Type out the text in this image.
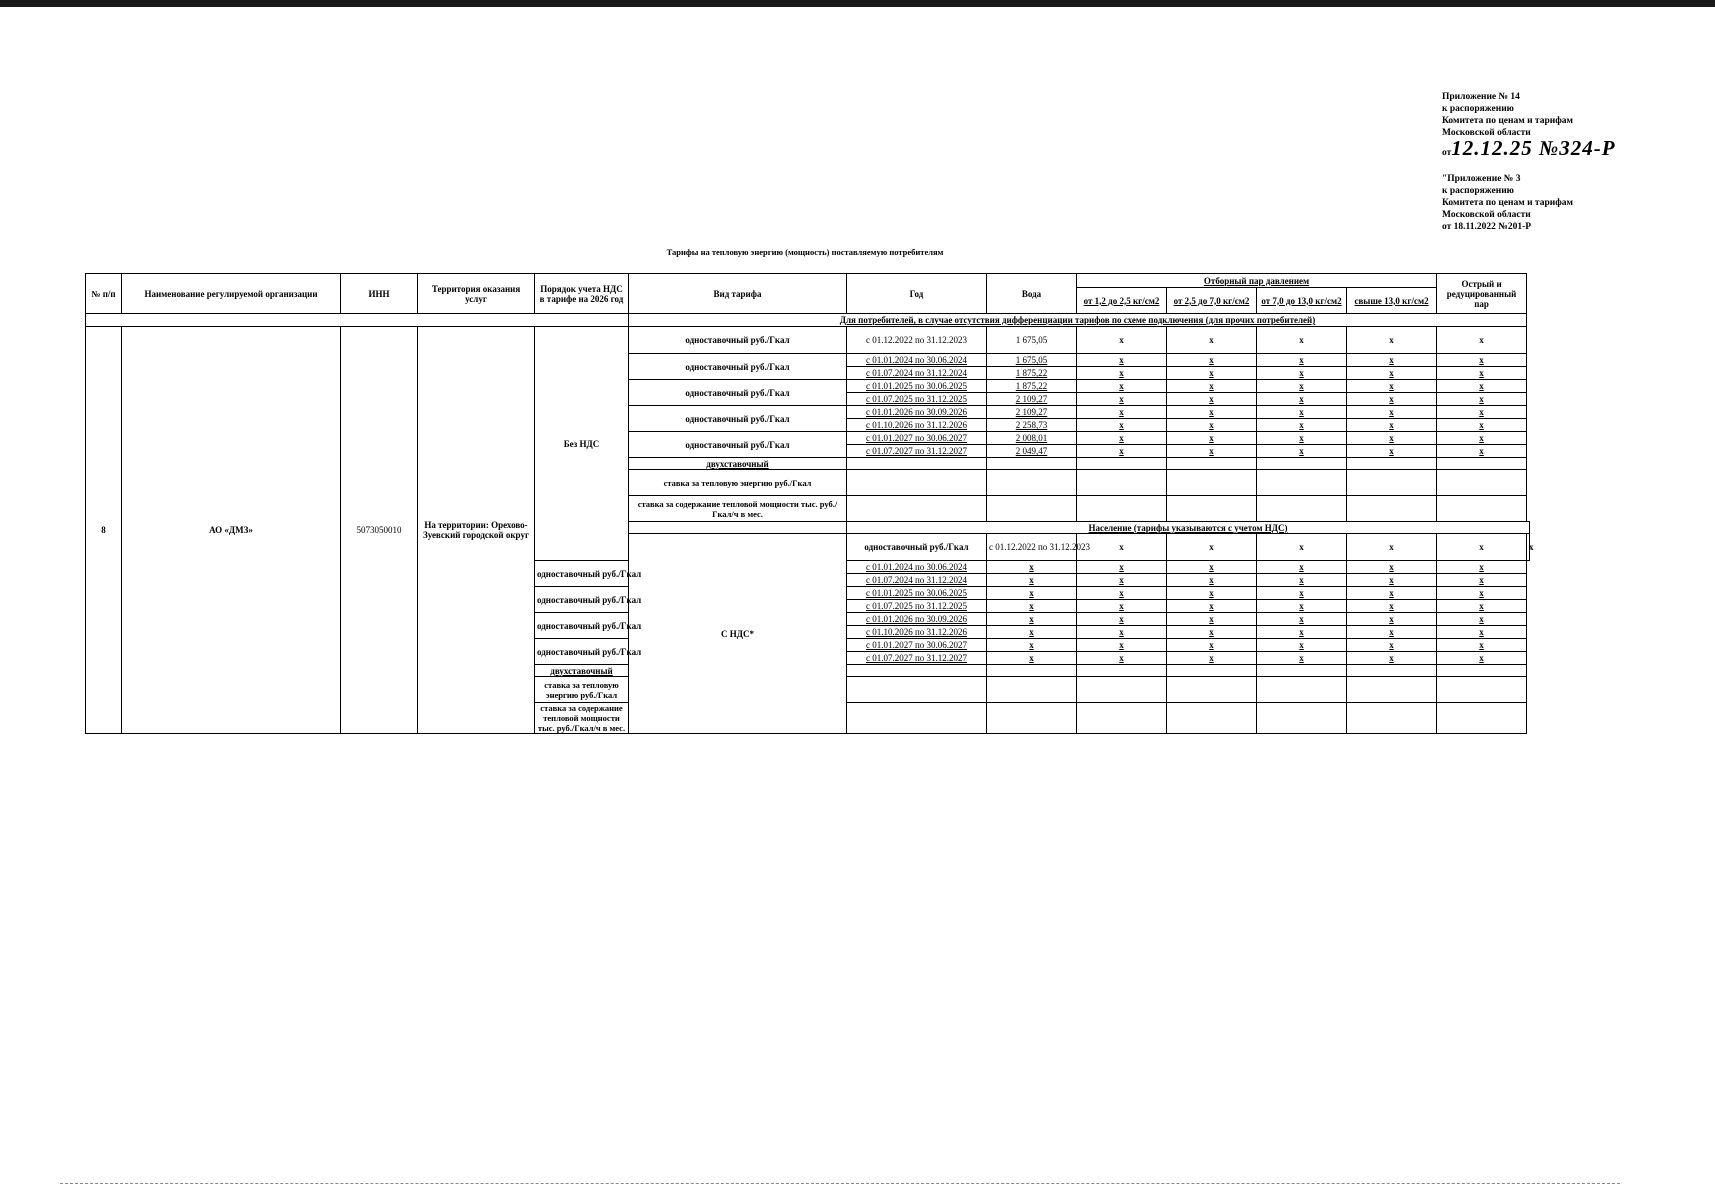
Приложение № 14
к распоряжению
Комитета по ценам и тарифам
Московской области
от12.12.25 №324-Р
"Приложение № 3
к распоряжению
Комитета по ценам и тарифам
Московской области
от 18.11.2022 №201-Р
Тарифы на тепловую энергию (мощность) поставляемую потребителям
№ п/п	Наименование регулируемой организации	ИНН	Территория оказания услуг	Порядок учета НДС в тарифе на 2026 год	Вид тарифа	Год	Вода	Отборный пар давлением				Острый и редуцированный пар	
								от 1,2 до 2,5 кг/см2	от 2,5 до 7,0 кг/см2	от 7,0 до 13,0 кг/см2	свыше 13,0 кг/см2		
					Для потребителей, в случае отсутствия дифференциации тарифов по схеме подключения (для прочих потребителей)								
8	АО «ДМЗ»	5073050010	На территории: Орехово-Зуевский городской округ	Без НДС	одноставочный руб./Гкал	с 01.12.2022 по 31.12.2023	1 675,05	х	х	х	х	х	
					одноставочный руб./Гкал	с 01.01.2024 по 30.06.2024	1 675,05	х	х	х	х	х	
						с 01.07.2024 по 31.12.2024	1 875,22	х	х	х	х	х	
					одноставочный руб./Гкал	с 01.01.2025 по 30.06.2025	1 875,22	х	х	х	х	х	
						с 01.07.2025 по 31.12.2025	2 109,27	х	х	х	х	х	
					одноставочный руб./Гкал	с 01.01.2026 по 30.09.2026	2 109,27	х	х	х	х	х	
						с 01.10.2026 по 31.12.2026	2 258,73	х	х	х	х	х	
					одноставочный руб./Гкал	с 01.01.2027 по 30.06.2027	2 008,01	х	х	х	х	х	
						с 01.07.2027 по 31.12.2027	2 049,47	х	х	х	х	х	
					двухставочный								
					ставка за тепловую энергию руб./Гкал								
					ставка за содержание тепловой мощности тыс. руб./Гкал/ч в мес.								
						Население (тарифы указываются с учетом НДС)							
					С НДС*	одноставочный руб./Гкал	с 01.12.2022 по 31.12.2023	х	х	х	х	х	х
				одноставочный руб./Гкал		с 01.01.2024 по 30.06.2024	х	х	х	х	х	х	
						с 01.07.2024 по 31.12.2024	х	х	х	х	х	х	
				одноставочный руб./Гкал		с 01.01.2025 по 30.06.2025	х	х	х	х	х	х	
						с 01.07.2025 по 31.12.2025	х	х	х	х	х	х	
				одноставочный руб./Гкал		с 01.01.2026 по 30.09.2026	х	х	х	х	х	х	
						с 01.10.2026 по 31.12.2026	х	х	х	х	х	х	
				одноставочный руб./Гкал		с 01.01.2027 по 30.06.2027	х	х	х	х	х	х	
						с 01.07.2027 по 31.12.2027	х	х	х	х	х	х	
				двухставочный									
				ставка за тепловую энергию руб./Гкал									
				ставка за содержание тепловой мощности тыс. руб./Гкал/ч в мес.									
